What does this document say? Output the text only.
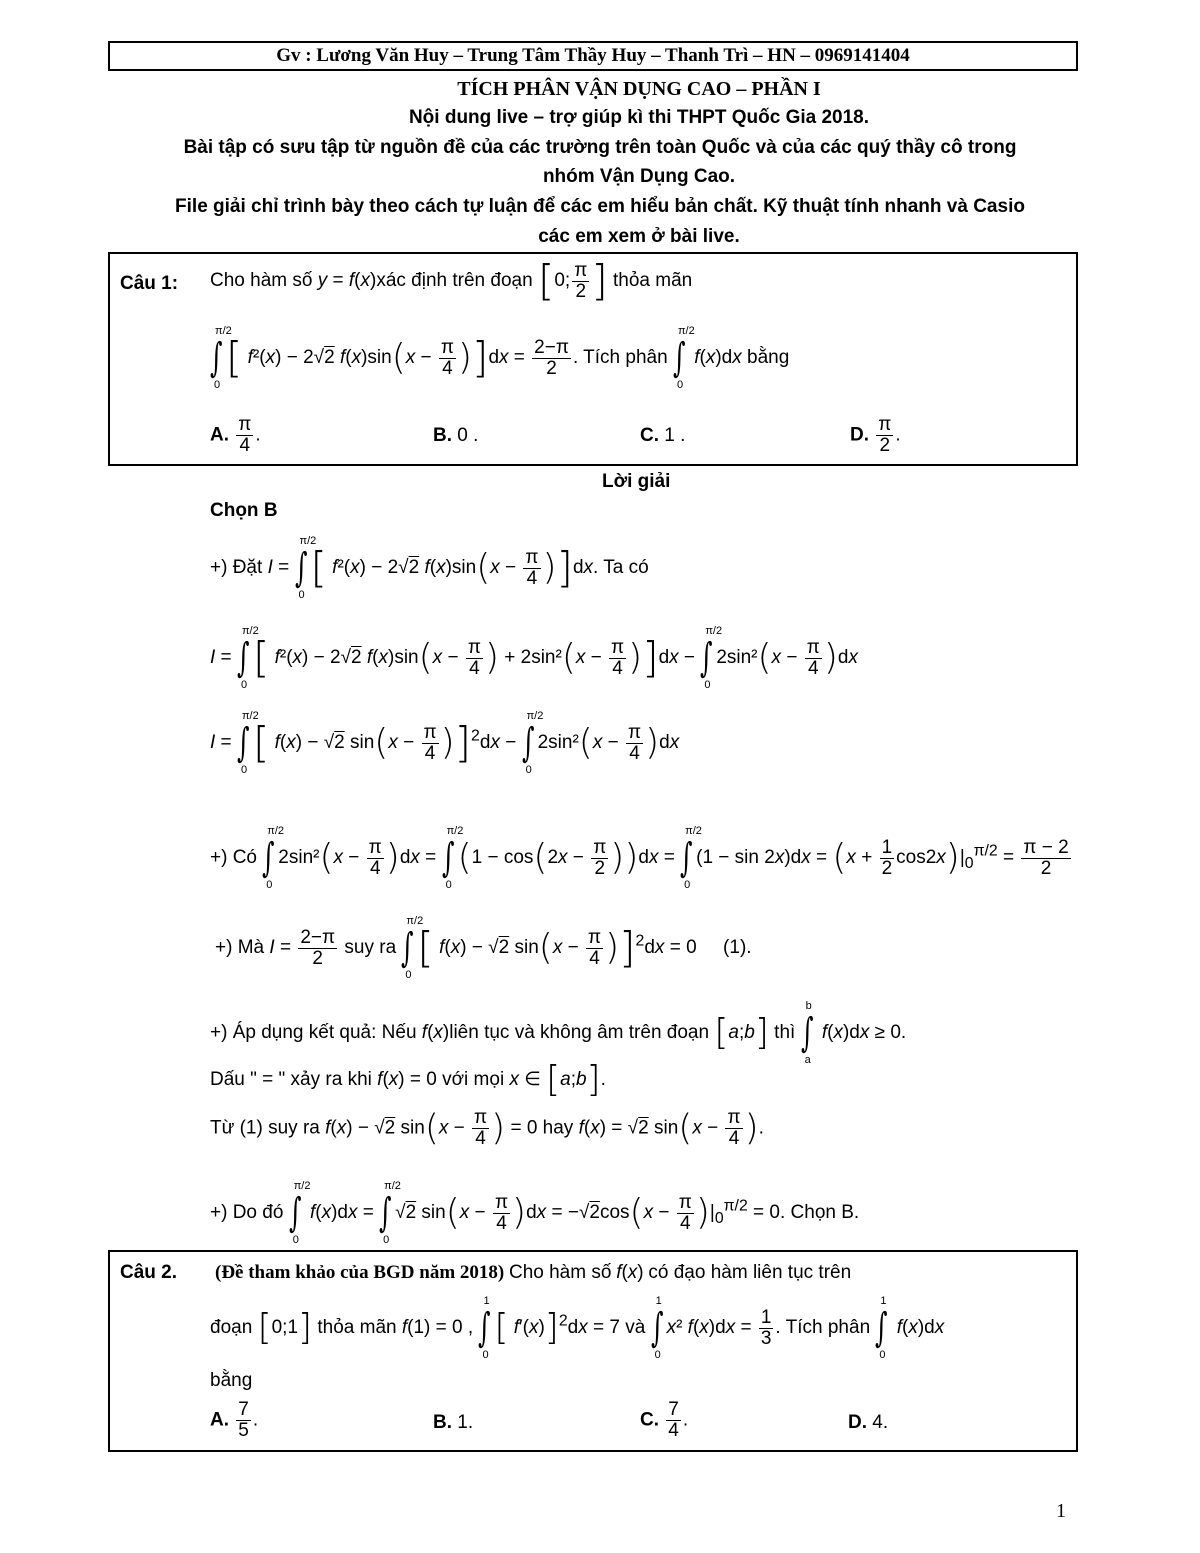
Gv : Lương Văn Huy – Trung Tâm Thầy Huy – Thanh Trì – HN – 0969141404
TÍCH PHÂN VẬN DỤNG CAO – PHẦN I
Nội dung live – trợ giúp kì thi THPT Quốc Gia 2018.
Bài tập có sưu tập từ nguồn đề của các trường trên toàn Quốc và của các quý thầy cô trong
nhóm Vận Dụng Cao.
File giải chỉ trình bày theo cách tự luận để các em hiểu bản chất. Kỹ thuật tính nhanh và Casio
các em xem ở bài live.
Câu 1: Cho hàm số y = f(x)xác định trên đoạn [0; $\frac{\pi}{2}$ ] thỏa mãn
π/2
∫
0
[ f²(x) − 2√2 $f(x)\sin(x - \frac{\pi}{4} )]dx = \frac{2-\pi}{2}$ . Tích phân
π/2
∫
0
f(x)dx bằng
A. $\frac{\pi}{4}$ .	B. 0 .	C. 1 .	D. $\frac{\pi}{2}$ .
Lời giải
Chọn B
+) Đặt I =
π/2
∫
0
[ f²(x) − 2√2 $f(x)\sin(x - \frac{\pi}{4} )]dx$. Ta có
I =
π/2
∫
0
[ f²(x) − 2√2 $f(x)\sin(x - \frac{\pi}{4}$ ) + $2\sin^2(x - \frac{\pi}{4} )]dx$ −
π/2
∫
0
$2\sin^2(x - \frac{\pi}{4} )dx$
I =
π/2
∫
0
[ f(x) − √2 $\sin(x - \frac{\pi}{4} )]^2dx$ −
π/2
∫
0
$2\sin^2(x - \frac{\pi}{4} )dx$
+) Có
π/2
∫
0
$2\sin^2(x - \frac{\pi}{4} )dx$ =
π/2
∫
0
$(1 - \cos(2x - \frac{\pi}{2} ))dx$ =
π/2
∫
0
$(1 - \sin 2x)dx = (x + \frac{1}{2} \cos 2x)|_0^{\pi/2} = \frac{\pi - 2}{2}$
+) Mà $I = \frac{2-\pi}{2}$ suy ra
π/2
∫
0
[ f(x) − √2 $\sin(x - \frac{\pi}{4} )]^2dx = 0$     (1).
+) Áp dụng kết quả: Nếu f(x)liên tục và không âm trên đoạn [a;b] thì
b
∫
a
f(x)dx ≥ 0.
Dấu " = " xảy ra khi f(x) = 0 với mọi x ∈ [a;b].
Từ (1) suy ra f(x) − √2 $\sin(x - \frac{\pi}{4}$ ) = 0 hay f(x) = √2 $\sin(x - \frac{\pi}{4}$ ).
+) Do đó
π/2
∫
0
f(x)dx =
π/2
∫
0
√2 $\sin(x - \frac{\pi}{4} )dx = -√2\cos(x - \frac{\pi}{4} )|_0^{\pi/2} = 0$. Chọn B.
Câu 2. (Đề tham khảo của BGD năm 2018) Cho hàm số f(x) có đạo hàm liên tục trên
đoạn [0;1] thỏa mãn f(1) = 0 ,
1
∫
0
[ f′(x)]$^2$dx = 7 và
1
∫
0
x² $f(x)dx = \frac{1}{3}$ . Tích phân
1
∫
0
f(x)dx
bằng
A. $\frac{7}{5}$ .	B. 1.	C. $\frac{7}{4}$ .	D. 4.
1
